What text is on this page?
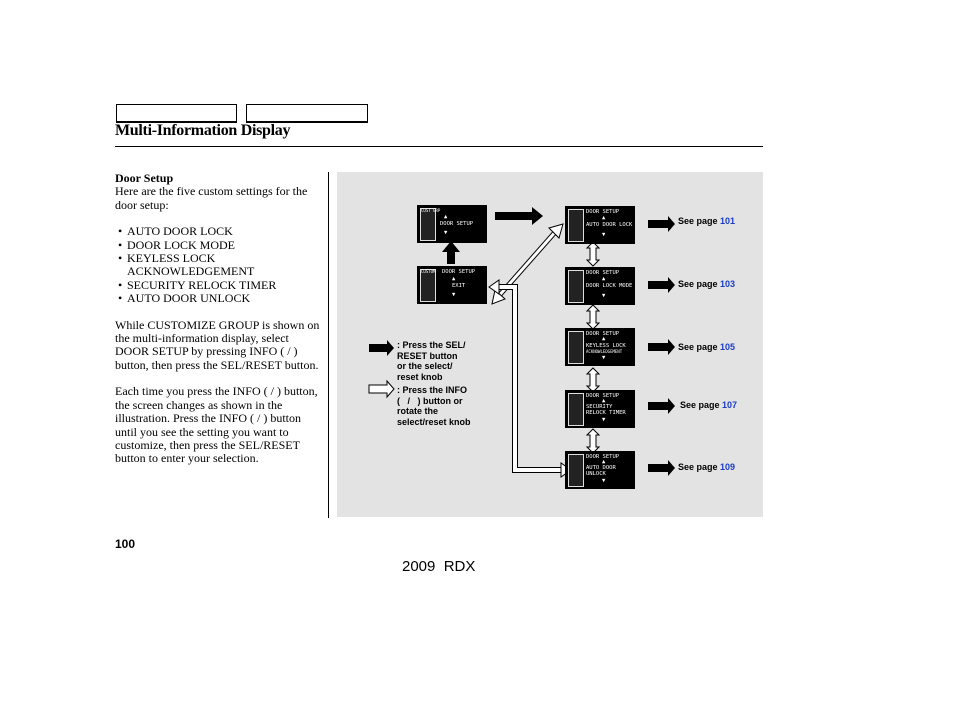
Multi-Information Display

Door Setup

Here are the five custom settings for the door setup:

• AUTO DOOR LOCK
• DOOR LOCK MODE
• KEYLESS LOCK ACKNOWLEDGEMENT
• SECURITY RELOCK TIMER
• AUTO DOOR UNLOCK

While CUSTOMIZE GROUP is shown on the multi-information display, select DOOR SETUP by pressing INFO ( / ) button, then press the SEL/RESET button.

Each time you press the INFO ( / ) button, the screen changes as shown in the illustration. Press the INFO ( / ) button until you see the setting you want to customize, then press the SEL/RESET button to enter your selection.

CUST GRP
▲
DOOR SETUP
▼
CUSTOM DOOR SETUP
▲
EXIT
▼
DOOR SETUP
▲
AUTO DOOR LOCK
▼
DOOR SETUP
▲
DOOR LOCK MODE
▼
DOOR SETUP
▲
KEYLESS LOCK
ACKNOWLEDGEMENT
▼
DOOR SETUP
▲
SECURITY
RELOCK TIMER
▼
DOOR SETUP
▲
AUTO DOOR
UNLOCK
▼
See page 101
See page 103
See page 105
See page 107
See page 109
: Press the SEL/
RESET button
or the select/
reset knob
: Press the INFO
(   /   ) button or
rotate the
select/reset knob
100
2009  RDX
